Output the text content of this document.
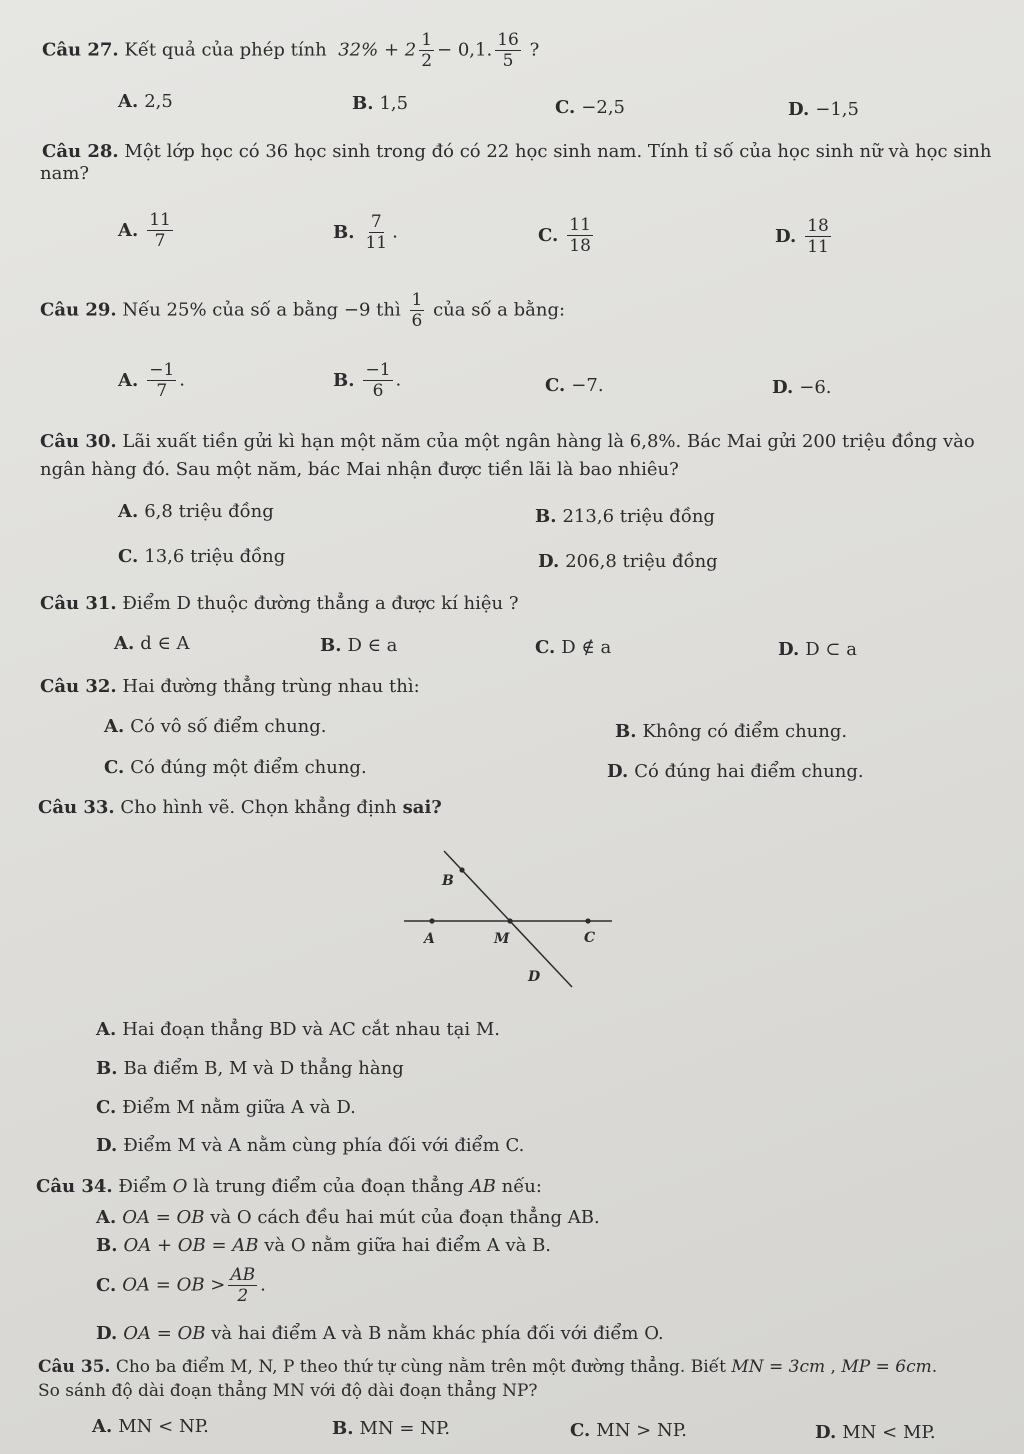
Câu 27. Kết quả của phép tính $32\% + 2 \frac{1}{2} - 0,1$. $\frac{16}{5}$ ?
A. 2,5	B. 1,5	C. −2,5	D. −1,5
Câu 28. Một lớp học có 36 học sinh trong đó có 22 học sinh nam. Tính tỉ số của học sinh nữ và học sinh
nam?
A. $\frac{11}{7}$	B. $\frac{7}{11}$ .	C. $\frac{11}{18}$	D. $\frac{18}{11}$
Câu 29. Nếu 25% của số a bằng −9 thì $\frac{1}{6}$ của số a bằng:
A. $\frac{-1}{7}$ .	B. $\frac{-1}{6}$ .	C. −7.	D. −6.
Câu 30. Lãi xuất tiền gửi kì hạn một năm của một ngân hàng là 6,8%. Bác Mai gửi 200 triệu đồng vào
ngân hàng đó. Sau một năm, bác Mai nhận được tiền lãi là bao nhiêu?
A. 6,8 triệu đồng	B. 213,6 triệu đồng
C. 13,6 triệu đồng	D. 206,8 triệu đồng
Câu 31. Điểm D thuộc đường thẳng a được kí hiệu ?
A. d ∈ A	B. D ∈ a	C. D ∉ a	D. D ⊂ a
Câu 32. Hai đường thẳng trùng nhau thì:
A. Có vô số điểm chung.	B. Không có điểm chung.
C. Có đúng một điểm chung.	D. Có đúng hai điểm chung.
Câu 33. Cho hình vẽ. Chọn khẳng định sai?
B
A	M	C
D
A. Hai đoạn thẳng BD và AC cắt nhau tại M.
B. Ba điểm B, M và D thẳng hàng
C. Điểm M nằm giữa A và D.
D. Điểm M và A nằm cùng phía đối với điểm C.
Câu 34. Điểm O là trung điểm của đoạn thẳng AB nếu:
A. OA = OB và O cách đều hai mút của đoạn thẳng AB.
B. OA + OB = AB và O nằm giữa hai điểm A và B.
C. OA = OB > $\frac{AB}{2}$ .
D. OA = OB và hai điểm A và B nằm khác phía đối với điểm O.
Câu 35. Cho ba điểm M, N, P theo thứ tự cùng nằm trên một đường thẳng. Biết MN = 3cm , MP = 6cm.
So sánh độ dài đoạn thẳng MN với độ dài đoạn thẳng NP?
A. MN < NP.	B. MN = NP.	C. MN > NP.	D. MN < MP.
